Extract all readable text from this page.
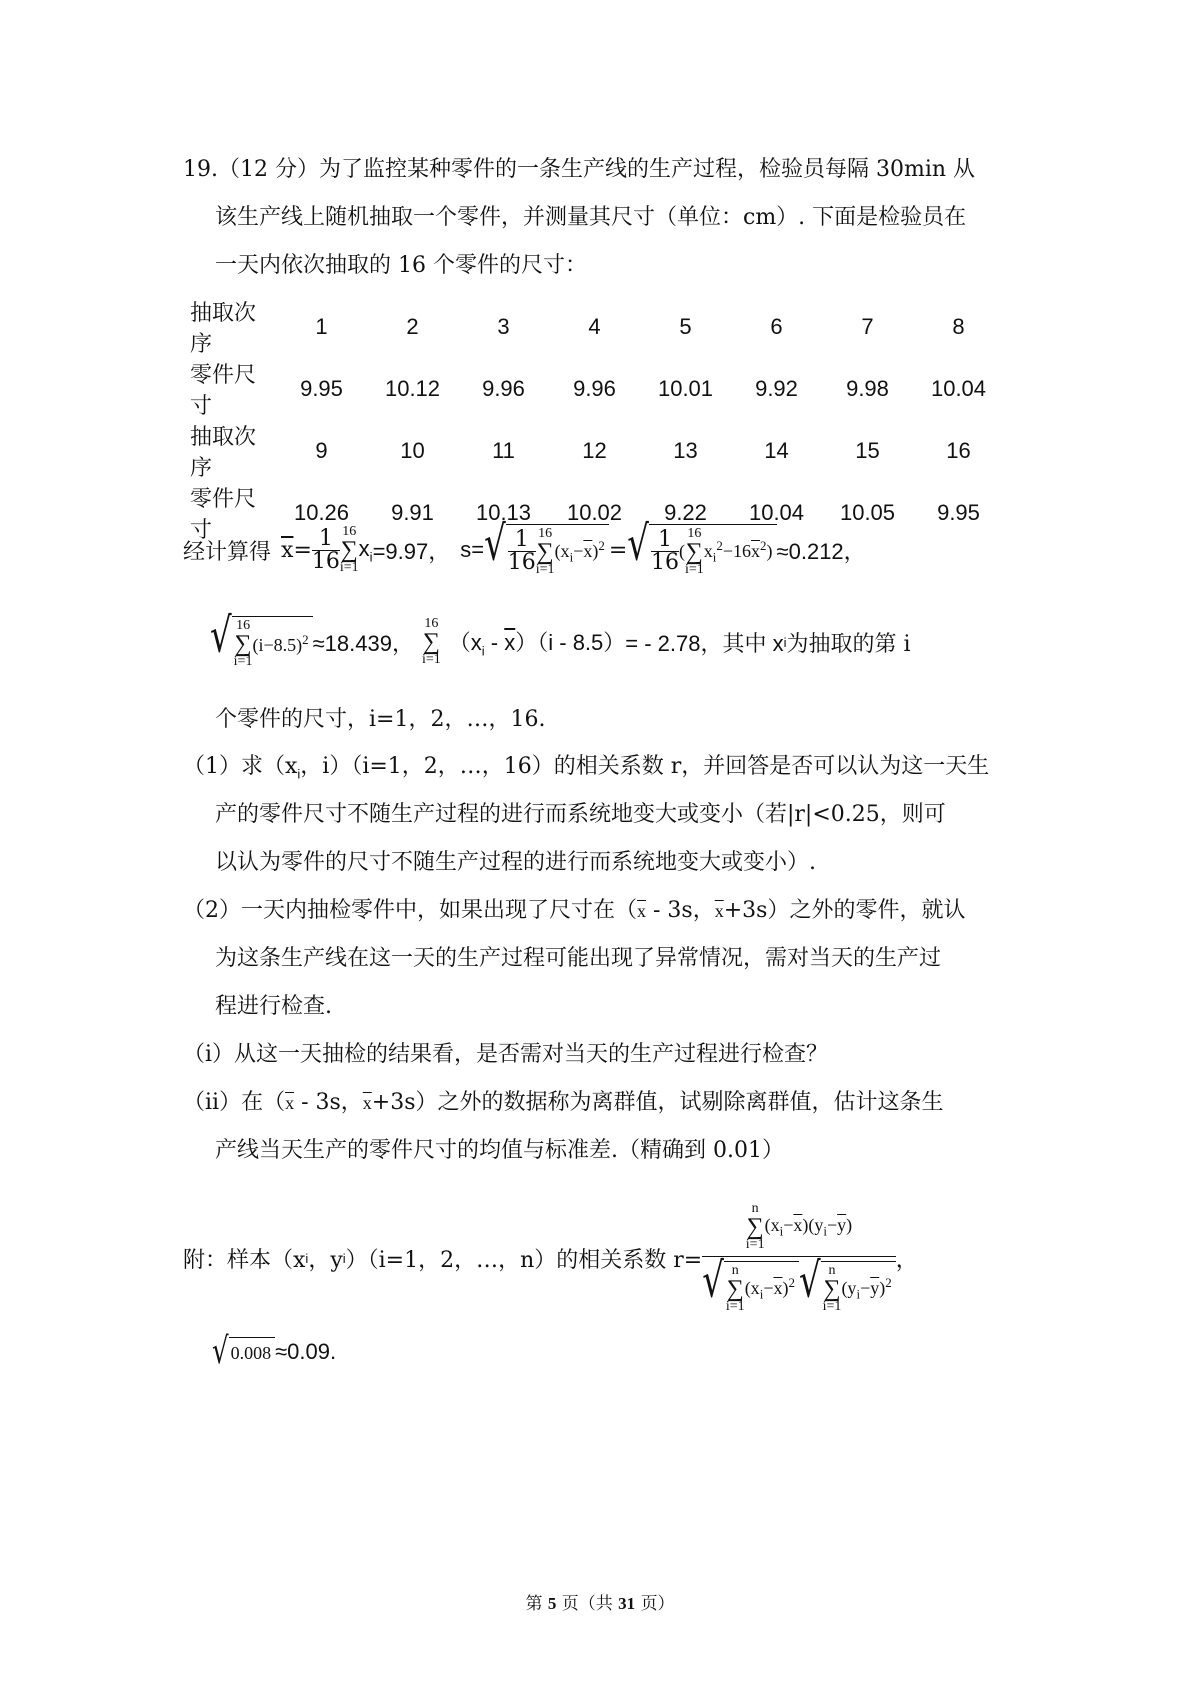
19.（12 分）为了监控某种零件的一条生产线的生产过程，检验员每隔 30min 从
该生产线上随机抽取一个零件，并测量其尺寸（单位：cm）. 下面是检验员在
一天内依次抽取的 16 个零件的尺寸：
抽取次序	1	2	3	4	5	6	7	8
零件尺寸	9.95	10.12	9.96	9.96	10.01	9.92	9.98	10.04
抽取次序	9	10	11	12	13	14	15	16
零件尺寸	10.26	9.91	10.13	10.02	9.22	10.04	10.05	9.95
经计算得 $\overline{x} = \frac{1}{16} 16$
∑
i=1
$x_i =9.97$， s= √ $\frac{1}{16} 16$
∑
i=1
$(x_i-\overline{x})^2$ = √ $\frac{1}{16}$ (
16
∑
i=1
$x_i^2-16\overline{x}^2) \approx 0.212$，
√ 16
∑
i=1
$(i-8.5)^2 \approx 18.439$，
16
∑
i=1
$(x_i - \overline{x})(i - 8.5)$ = - 2.78，其中 x i 为抽取的第 i
个零件的尺寸，i=1，2，…，16.
（1）求（$x_i$，i）（i=1，2，…，16）的相关系数 r，并回答是否可以认为这一天生
产的零件尺寸不随生产过程的进行而系统地变大或变小（若|r|<0.25，则可
以认为零件的尺寸不随生产过程的进行而系统地变大或变小）.
（2）一天内抽检零件中，如果出现了尺寸在（$\overline{x} - 3s$，$\overline{x}+3s$）之外的零件，就认
为这条生产线在这一天的生产过程可能出现了异常情况，需对当天的生产过
程进行检查.
（ⅰ）从这一天抽检的结果看，是否需对当天的生产过程进行检查？
（ⅱ）在（$\overline{x} - 3s$，$\overline{x}+3s$）之外的数据称为离群值，试剔除离群值，估计这条生
产线当天生产的零件尺寸的均值与标准差.（精确到 0.01）
附：样本（x i ，y i ）（i=1，2，…，n）的相关系数 r=
n
∑
i=1
$(x_i-\overline{x})(y_i-\overline{y})$
√ n
∑
i=1
$(x_i-\overline{x})^2$ √ n
∑
i=1
$(y_i-\overline{y})^2$
，
√ 0.008 ≈0.09.
第 5 页（共 31 页）
